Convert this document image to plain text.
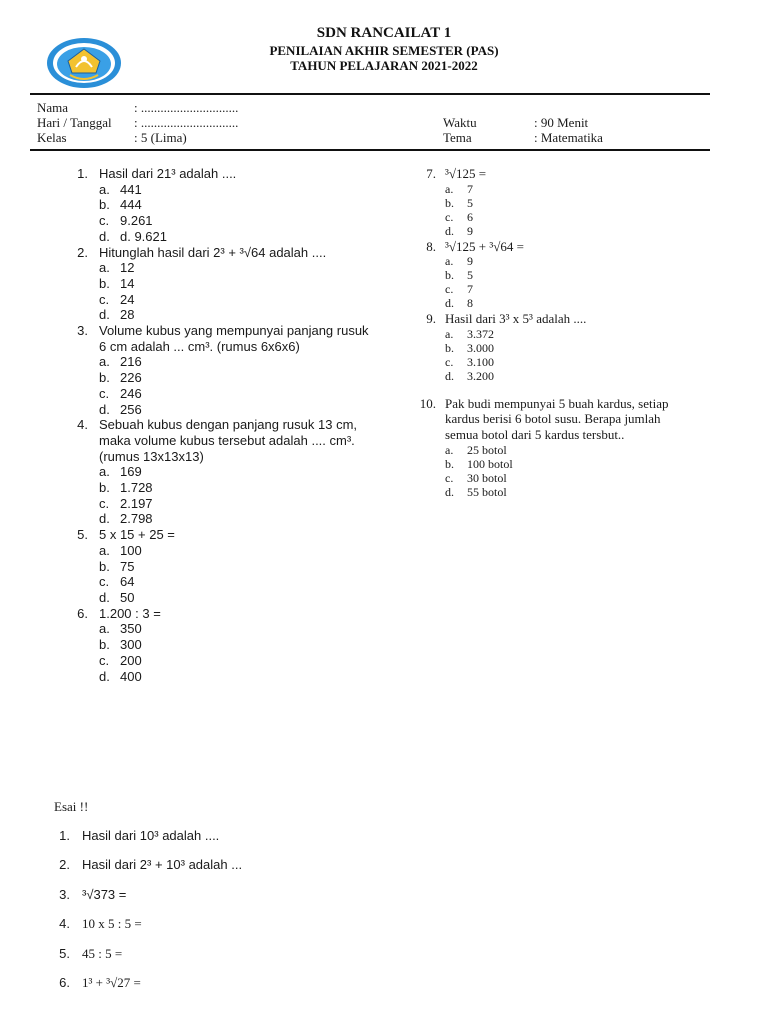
SDN RANCAILAT 1
PENILAIAN AKHIR SEMESTER (PAS)
TAHUN PELAJARAN 2021-2022
Nama	: ..............................
Hari / Tanggal : ..............................
Kelas	: 5 (Lima)
Waktu	: 90 Menit
Tema	: Matematika
1. Hasil dari 21³ adalah ....
a. 441
b. 444
c. 9.261
d. d. 9.621
2. Hitunglah hasil dari 2³ + ³√64 adalah ....
a. 12
b. 14
c. 24
d. 28
3. Volume kubus yang mempunyai panjang rusuk
6 cm adalah ... cm³. (rumus 6x6x6)
a. 216
b. 226
c. 246
d. 256
4. Sebuah kubus dengan panjang rusuk 13 cm,
maka volume kubus tersebut adalah .... cm³.
(rumus 13x13x13)
a. 169
b. 1.728
c. 2.197
d. 2.798
5. 5 x 15 + 25 =
a. 100
b. 75
c. 64
d. 50
6. 1.200 : 3 =
a. 350
b. 300
c. 200
d. 400
7. ³√125 =
a. 7
b. 5
c. 6
d. 9
8. ³√125 + ³√64 =
a. 9
b. 5
c. 7
d. 8
9. Hasil dari 3³ x 5³ adalah ....
a. 3.372
b. 3.000
c. 3.100
d. 3.200
10. Pak budi mempunyai 5 buah kardus, setiap
kardus berisi 6 botol susu. Berapa jumlah
semua botol dari 5 kardus tersbut..
a. 25 botol
b. 100 botol
c. 30 botol
d. 55 botol
Esai !!
1. Hasil dari 10³ adalah ....
2. Hasil dari 2³ + 10³ adalah ...
3. ³√373 =
4. 10 x 5 : 5 =
5. 45 : 5 =
6. 1³ + ³√27 =
